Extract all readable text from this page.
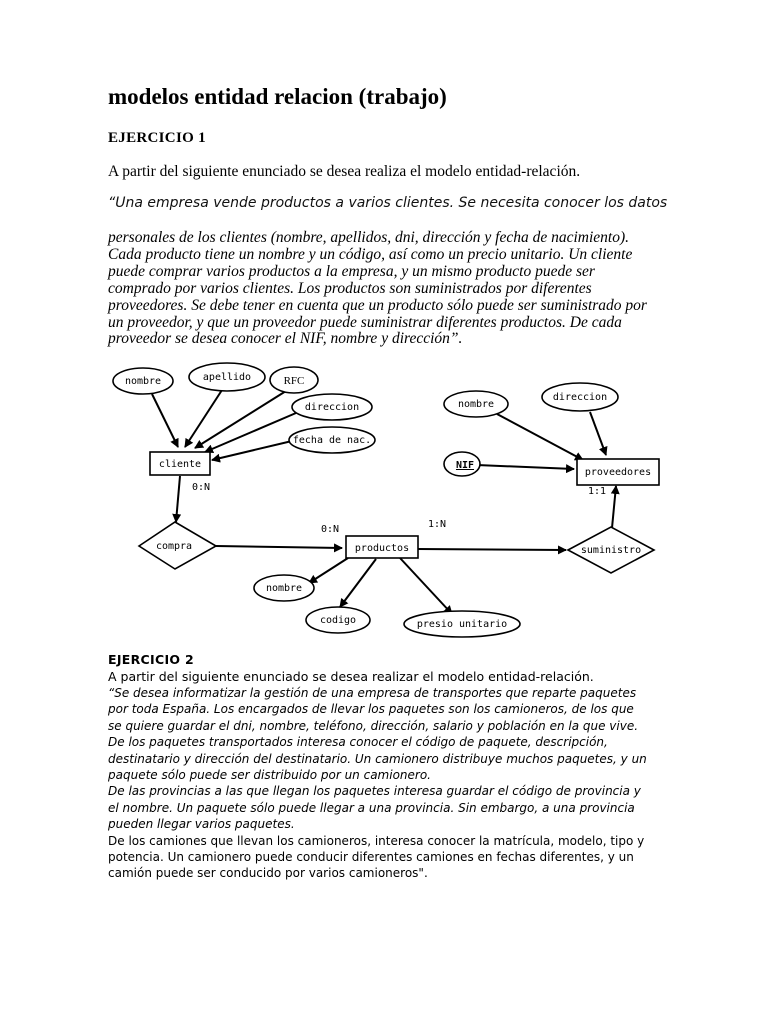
modelos entidad relacion (trabajo)
EJERCICIO 1
A partir del siguiente enunciado se desea realiza el modelo entidad-relación.
“Una empresa vende productos a varios clientes. Se necesita conocer los datos
personales de los clientes (nombre, apellidos, dni, dirección y fecha de nacimiento).
Cada producto tiene un nombre y un código, así como un precio unitario. Un cliente
puede comprar varios productos a la empresa, y un mismo producto puede ser
comprado por varios clientes. Los productos son suministrados por diferentes
proveedores. Se debe tener en cuenta que un producto sólo puede ser suministrado por
un proveedor, y que un proveedor puede suministrar diferentes productos. De cada
proveedor se desea conocer el NIF, nombre y dirección”.
cliente
productos
proveedores
compra	suministro
nombre	apellido	RFC
direccion
fecha de nac.
nombre
direccion
NIF
nombre
codigo	presio unitario
0:N
0:N	1:N
1:1
EJERCICIO 2
A partir del siguiente enunciado se desea realizar el modelo entidad-relación.
“Se desea informatizar la gestión de una empresa de transportes que reparte paquetes
por toda España. Los encargados de llevar los paquetes son los camioneros, de los que
se quiere guardar el dni, nombre, teléfono, dirección, salario y población en la que vive.
De los paquetes transportados interesa conocer el código de paquete, descripción,
destinatario y dirección del destinatario. Un camionero distribuye muchos paquetes, y un
paquete sólo puede ser distribuido por un camionero.
De las provincias a las que llegan los paquetes interesa guardar el código de provincia y
el nombre. Un paquete sólo puede llegar a una provincia. Sin embargo, a una provincia
pueden llegar varios paquetes.
De los camiones que llevan los camioneros, interesa conocer la matrícula, modelo, tipo y
potencia. Un camionero puede conducir diferentes camiones en fechas diferentes, y un
camión puede ser conducido por varios camioneros".
